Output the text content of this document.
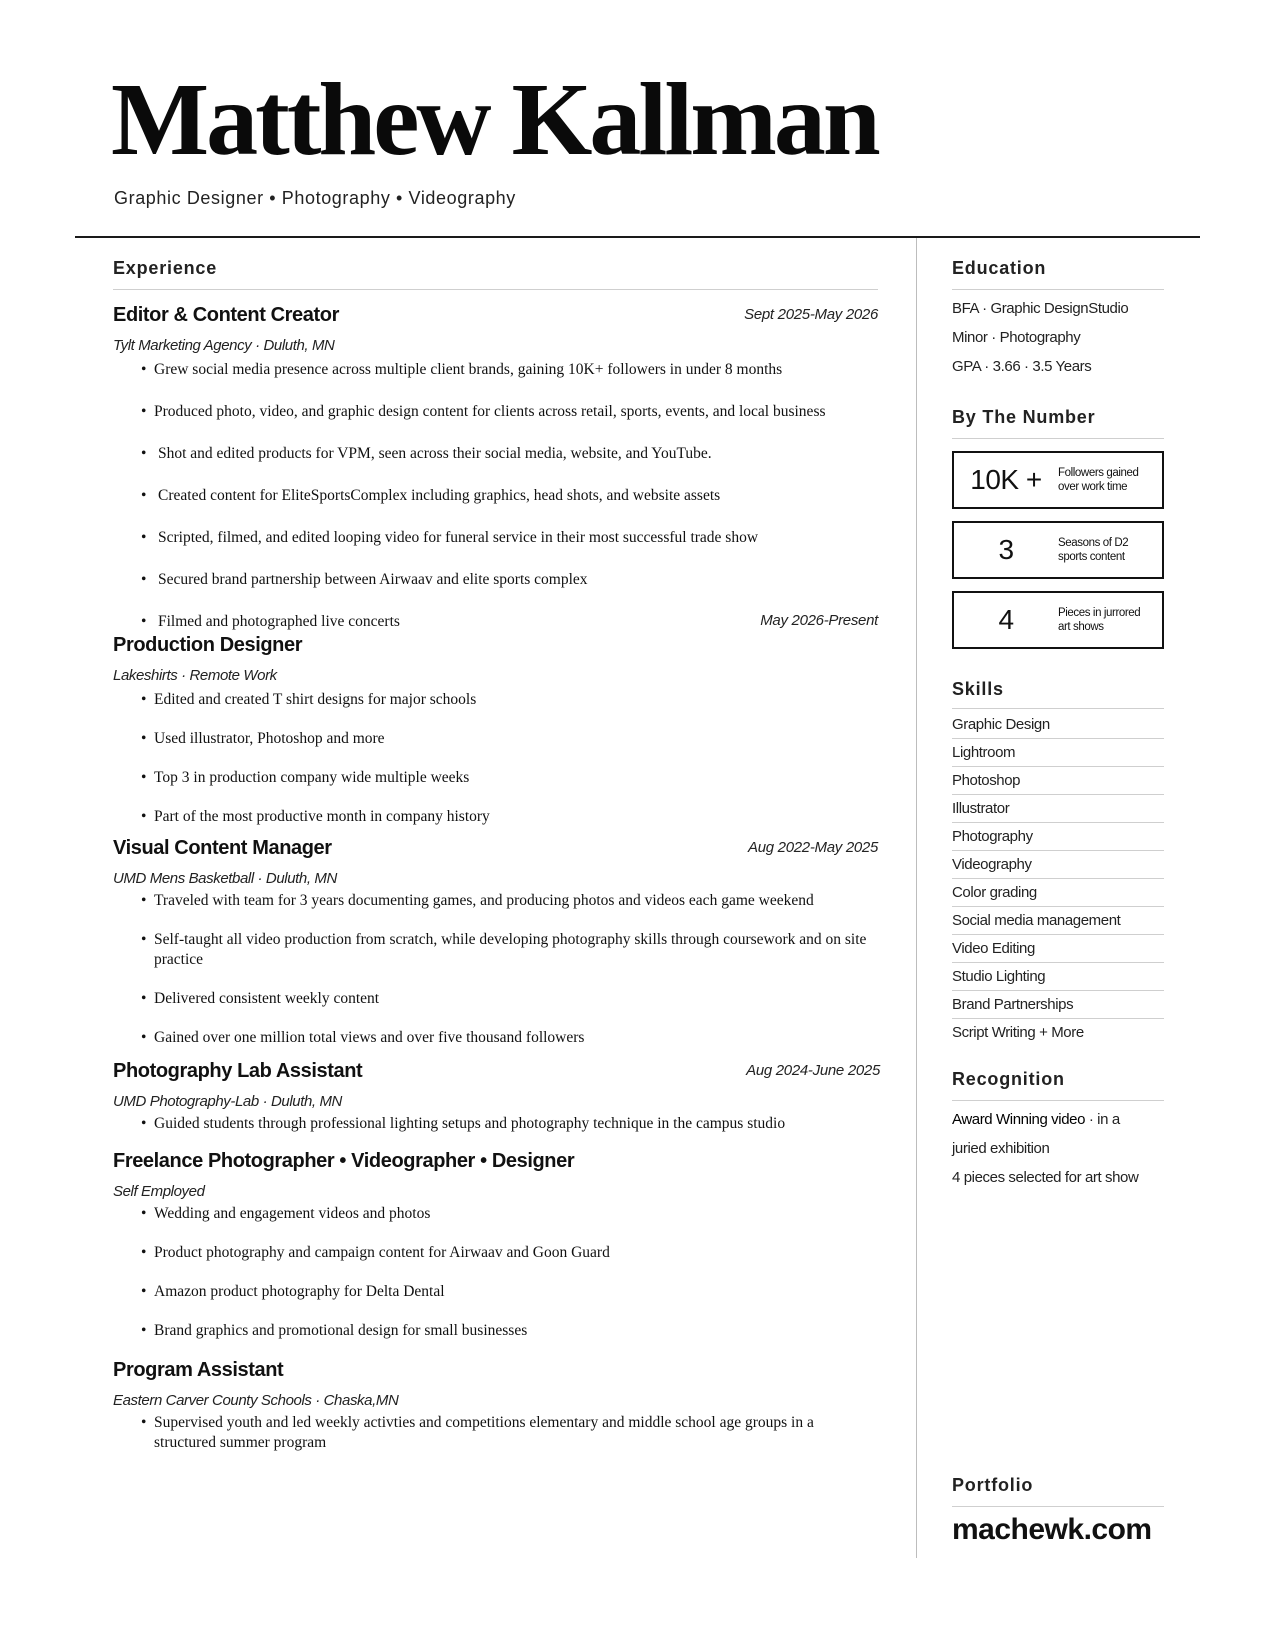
Matthew Kallman
Graphic Designer • Photography • Videography
Experience
Sept 2025-May 2026
Editor & Content Creator

Tylt Marketing Agency · Duluth, MN

• Grew social media presence across multiple client brands, gaining 10K+ followers in under 8 months
• Produced photo, video, and graphic design content for clients across retail, sports, events, and local business
• Shot and edited products for VPM, seen across their social media, website, and YouTube.
• Created content for EliteSportsComplex including graphics, head shots, and website assets
• Scripted, filmed, and edited looping video for funeral service in their most successful trade show
• Secured brand partnership between Airwaav and elite sports complex
• Filmed and photographed live concerts	May 2026-Present
Production Designer

Lakeshirts · Remote Work

• Edited and created T shirt designs for major schools
• Used illustrator, Photoshop and more
• Top 3 in production company wide multiple weeks
• Part of the most productive month in company history
Aug 2022-May 2025
Visual Content Manager

UMD Mens Basketball · Duluth, MN

• Traveled with team for 3 years documenting games, and producing photos and videos each game weekend
• Self-taught all video production from scratch, while developing photography skills through coursework and on site practice
• Delivered consistent weekly content
• Gained over one million total views and over five thousand followers
Aug 2024-June 2025
Photography Lab Assistant

UMD Photography-Lab · Duluth, MN

• Guided students through professional lighting setups and photography technique in the campus studio
Freelance Photographer • Videographer • Designer

Self Employed

• Wedding and engagement videos and photos
• Product photography and campaign content for Airwaav and Goon Guard
• Amazon product photography for Delta Dental
• Brand graphics and promotional design for small businesses
Program Assistant

Eastern Carver County Schools · Chaska,MN

• Supervised youth and led weekly activties and competitions elementary and middle school age groups in a structured summer program
Education
BFA · Graphic DesignStudio
Minor · Photography
GPA · 3.66 · 3.5 Years
By The Number
10K +	Followers gained over work time
3	Seasons of D2 sports content
4	Pieces in jurrored art shows
Skills
Graphic Design
Lightroom
Photoshop
Illustrator
Photography
Videography
Color grading
Social media management
Video Editing
Studio Lighting
Brand Partnerships
Script Writing + More
Recognition
Award Winning video · in a
juried exhibition
4 pieces selected for art show
Portfolio
machewk.com
